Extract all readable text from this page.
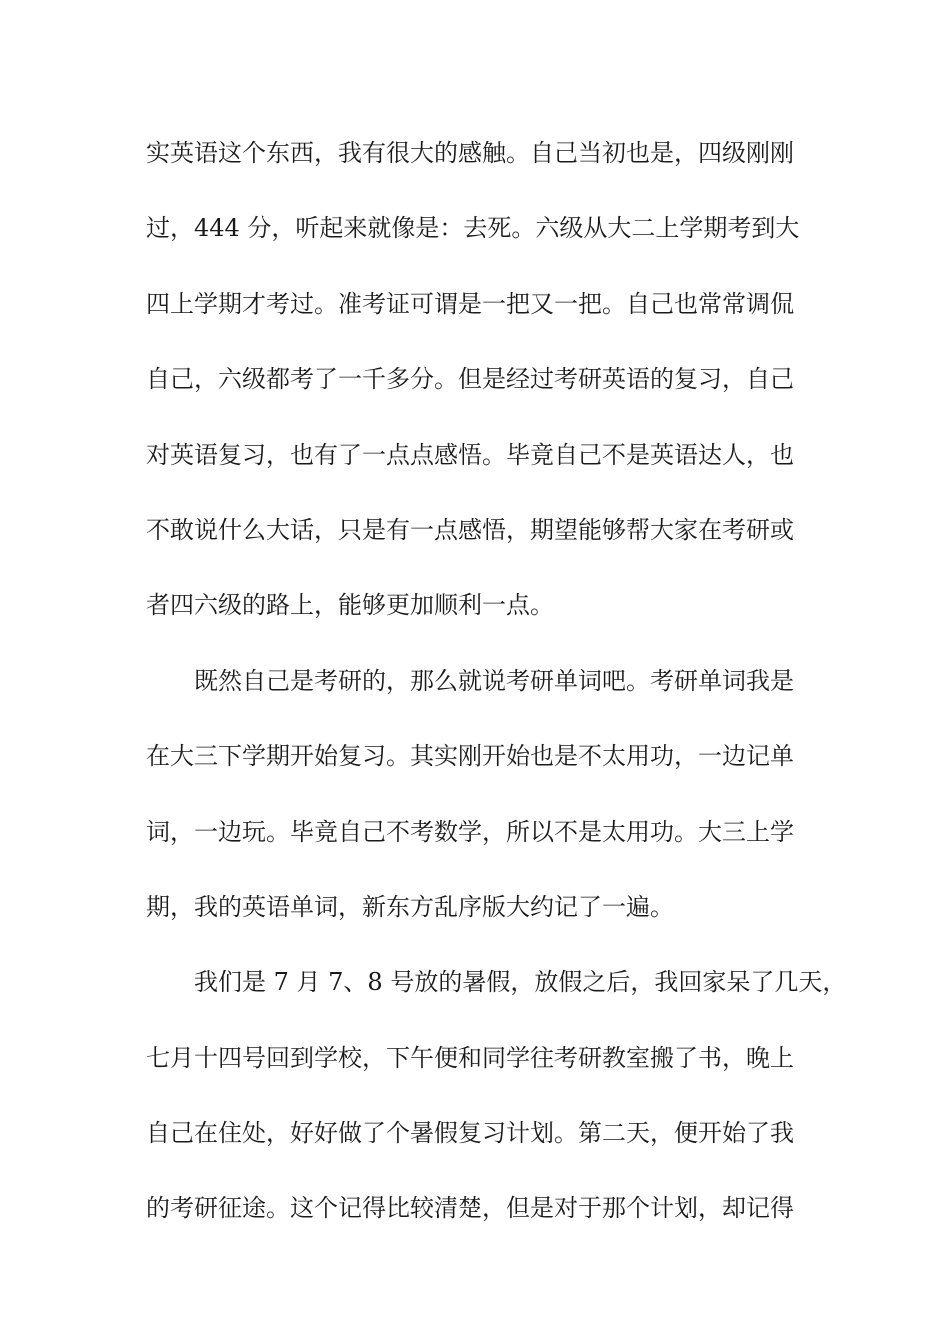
实英语这个东西，我有很大的感触。自己当初也是，四级刚刚
过，444 分，听起来就像是：去死。六级从大二上学期考到大
四上学期才考过。准考证可谓是一把又一把。自己也常常调侃
自己，六级都考了一千多分。但是经过考研英语的复习，自己
对英语复习，也有了一点点感悟。毕竟自己不是英语达人，也
不敢说什么大话，只是有一点感悟，期望能够帮大家在考研或
者四六级的路上，能够更加顺利一点。
既然自己是考研的，那么就说考研单词吧。考研单词我是
在大三下学期开始复习。其实刚开始也是不太用功，一边记单
词，一边玩。毕竟自己不考数学，所以不是太用功。大三上学
期，我的英语单词，新东方乱序版大约记了一遍。
我们是 7 月 7、8 号放的暑假，放假之后，我回家呆了几天，
七月十四号回到学校，下午便和同学往考研教室搬了书，晚上
自己在住处，好好做了个暑假复习计划。第二天，便开始了我
的考研征途。这个记得比较清楚，但是对于那个计划，却记得
